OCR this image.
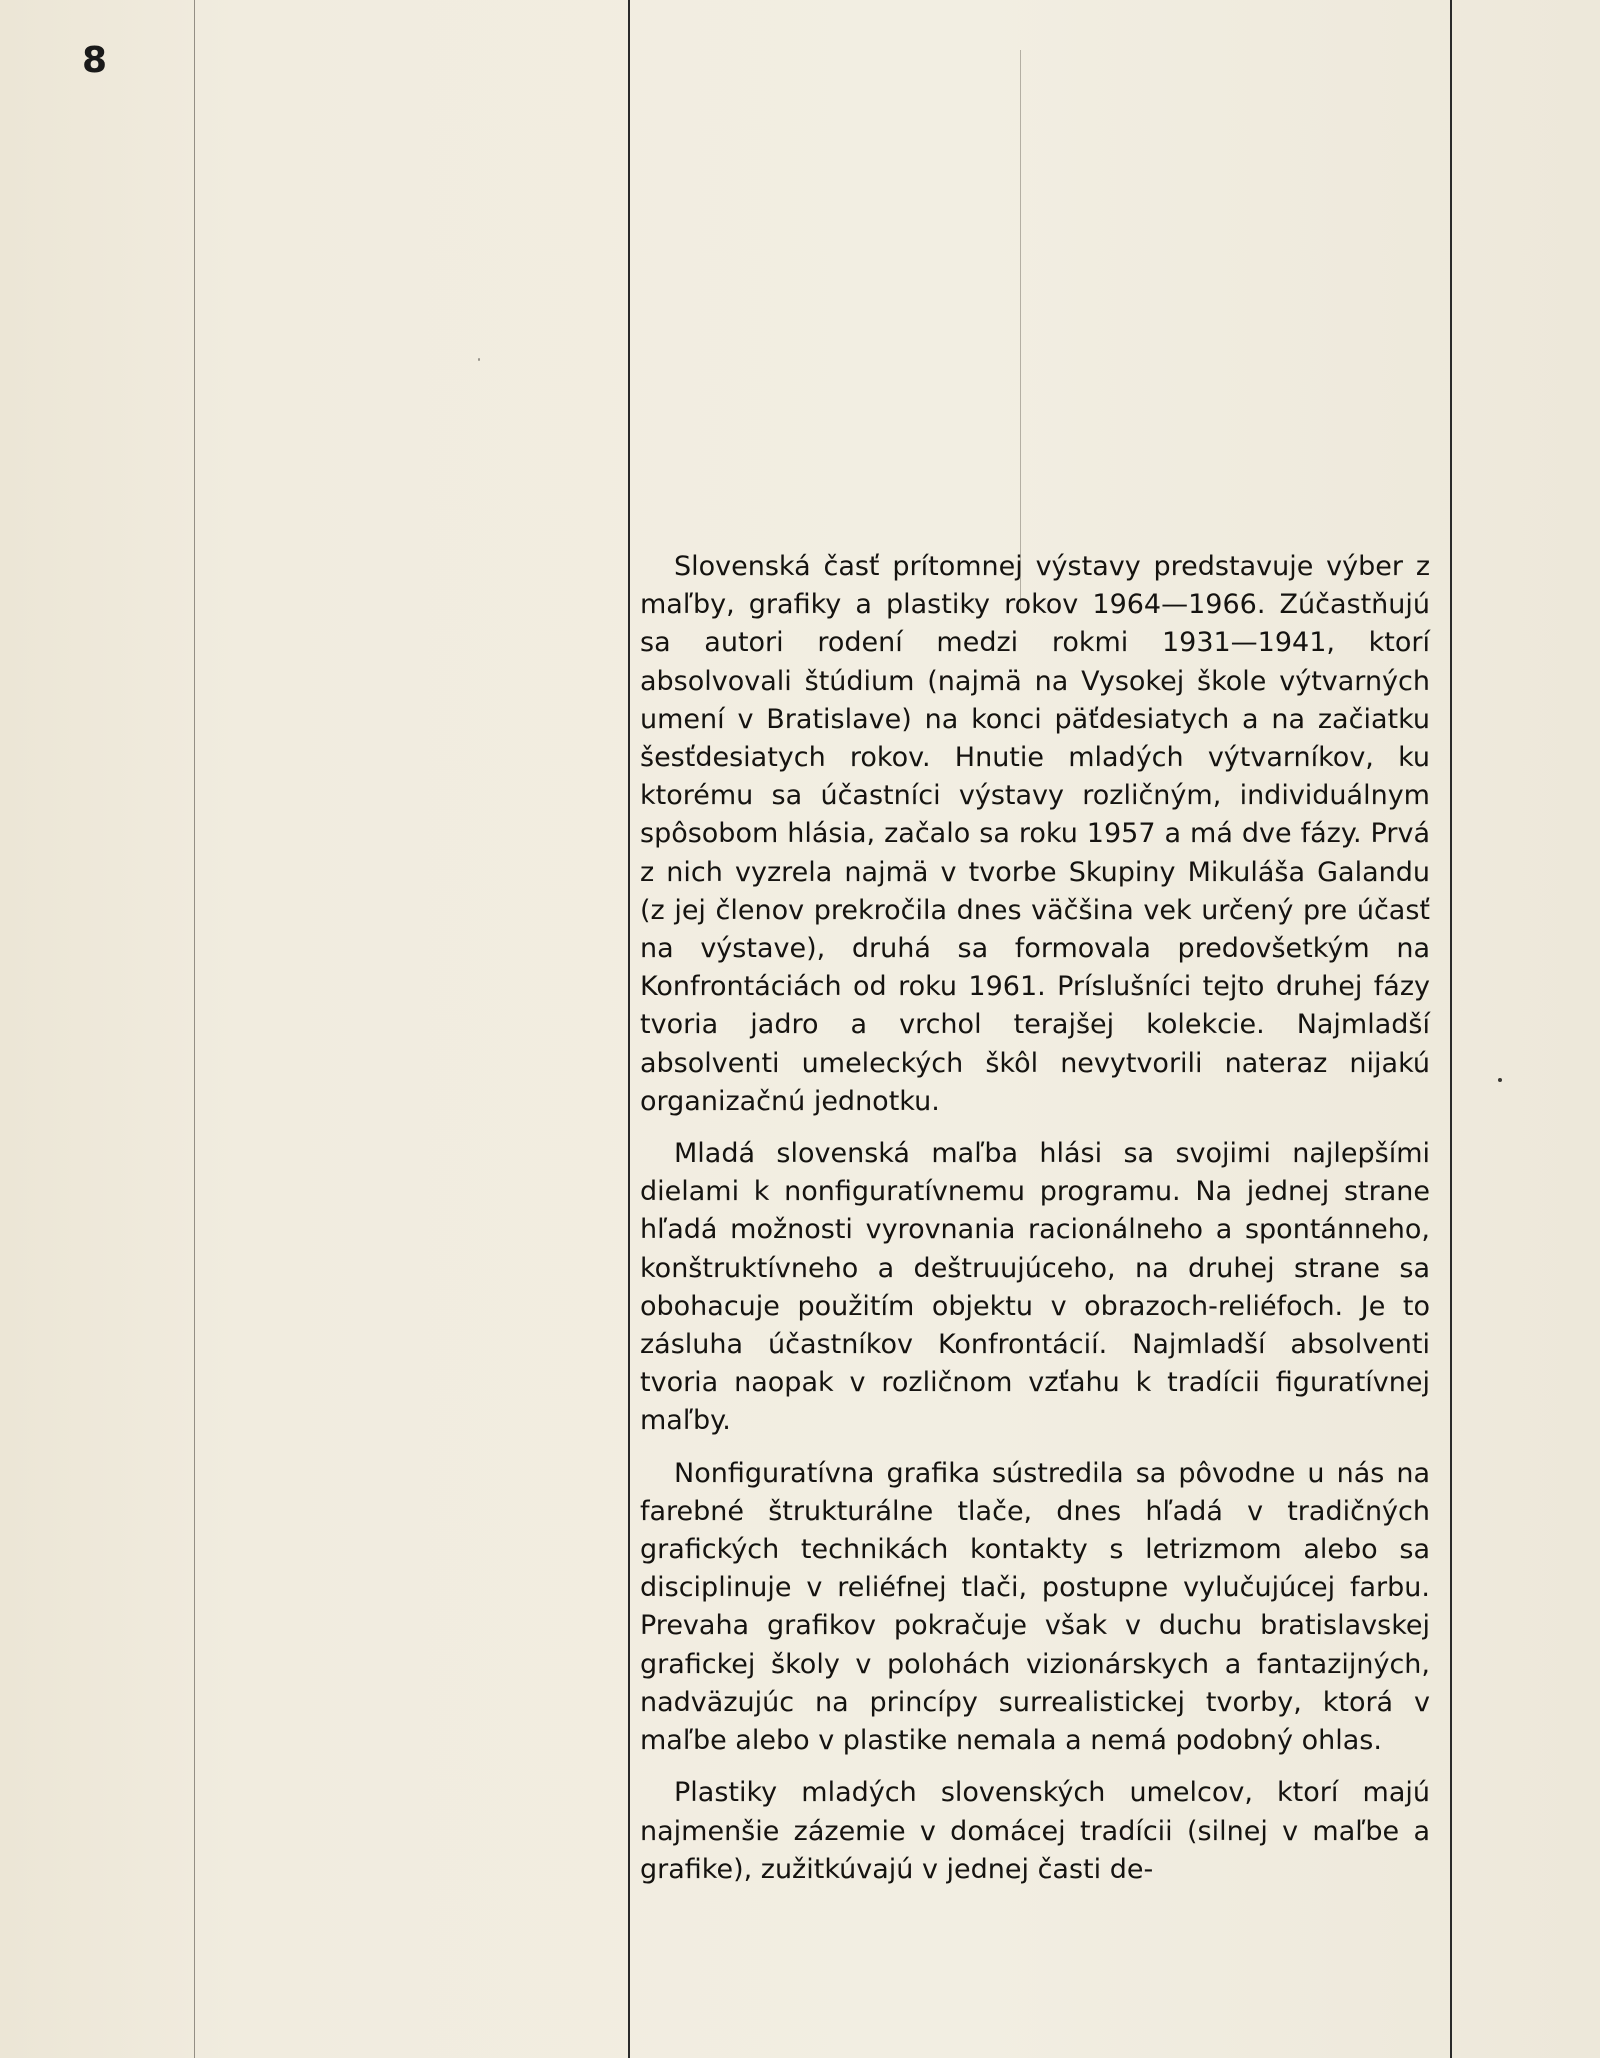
8

Slovenská časť prítomnej výstavy predstavuje výber z maľby, grafiky a plastiky rokov 1964—1966. Zúčastňujú sa autori rodení medzi rokmi 1931—1941, ktorí absolvovali štúdium (najmä na Vysokej škole výtvarných umení v Bratislave) na konci päťdesiatych a na začiatku šesťdesiatych rokov. Hnutie mladých výtvarníkov, ku ktorému sa účastníci výstavy rozličným, individuálnym spôsobom hlásia, začalo sa roku 1957 a má dve fázy. Prvá z nich vyzrela najmä v tvorbe Skupiny Mikuláša Galandu (z jej členov prekročila dnes väčšina vek určený pre účasť na výstave), druhá sa formovala predovšetkým na Konfrontáciách od roku 1961. Príslušníci tejto druhej fázy tvoria jadro a vrchol terajšej kolekcie. Najmladší absolventi umeleckých škôl nevytvorili nateraz nijakú organizačnú jednotku.

Mladá slovenská maľba hlási sa svojimi najlepšími dielami k nonfiguratívnemu programu. Na jednej strane hľadá možnosti vyrovnania racionálneho a spontánneho, konštruktívneho a deštruujúceho, na druhej strane sa obohacuje použitím objektu v obrazoch-reliéfoch. Je to zásluha účastníkov Konfrontácií. Najmladší absolventi tvoria naopak v rozličnom vzťahu k tradícii figuratívnej maľby.

Nonfiguratívna grafika sústredila sa pôvodne u nás na farebné štrukturálne tlače, dnes hľadá v tradičných grafických technikách kontakty s letrizmom alebo sa disciplinuje v reliéfnej tlači, postupne vylučujúcej farbu. Prevaha grafikov pokračuje však v duchu bratislavskej grafickej školy v polohách vizionárskych a fantazijných, nadväzujúc na princípy surrealistickej tvorby, ktorá v maľbe alebo v plastike nemala a nemá podobný ohlas.

Plastiky mladých slovenských umelcov, ktorí majú najmenšie zázemie v domácej tradícii (silnej v maľbe a grafike), zužitkúvajú v jednej časti de-
